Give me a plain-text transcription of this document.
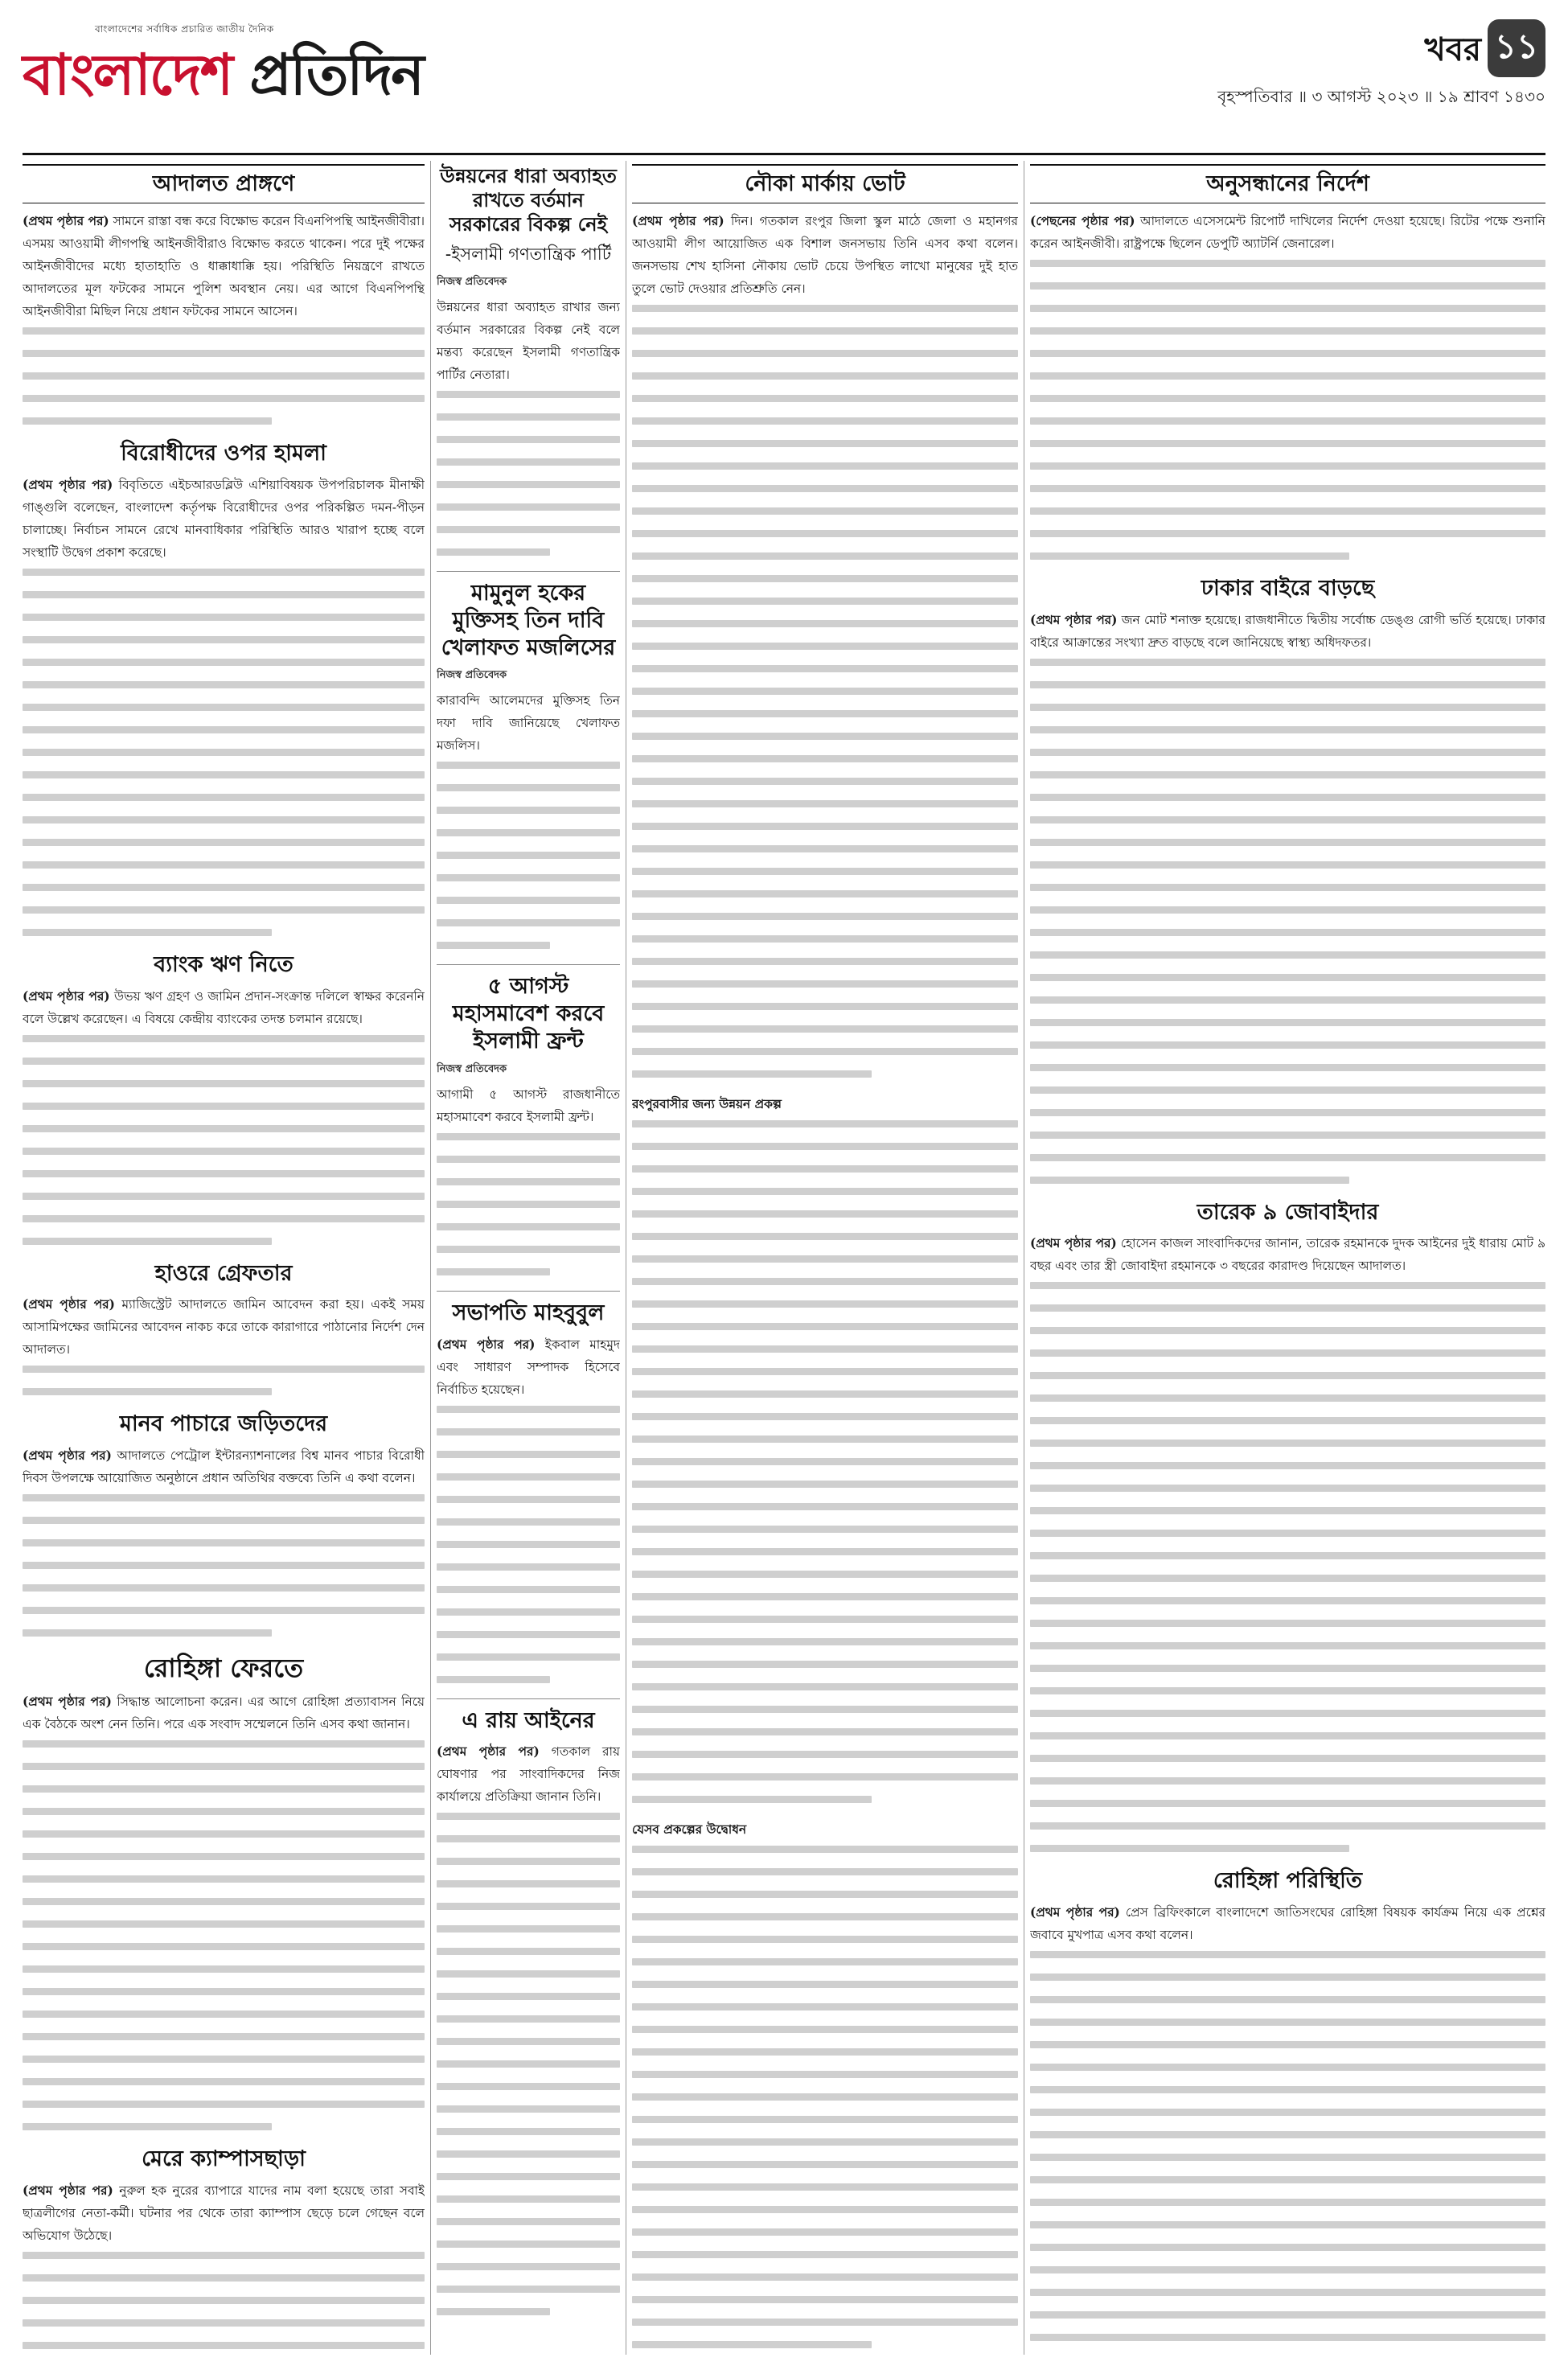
বাংলাদেশের সর্বাধিক প্রচারিত জাতীয় দৈনিক
বাংলাদেশ প্রতিদিন	খবর ১১
বৃহস্পতিবার ॥ ৩ আগস্ট ২০২৩ ॥ ১৯ শ্রাবণ ১৪৩০
আদালত প্রাঙ্গণে

(প্রথম পৃষ্ঠার পর) সামনে রাস্তা বন্ধ করে বিক্ষোভ করেন বিএনপিপন্থি আইনজীবীরা। এসময় আওয়ামী লীগপন্থি আইনজীবীরাও বিক্ষোভ করতে থাকেন। পরে দুই পক্ষের আইনজীবীদের মধ্যে হাতাহাতি ও ধাক্কাধাক্কি হয়। পরিস্থিতি নিয়ন্ত্রণে রাখতে আদালতের মূল ফটকের সামনে পুলিশ অবস্থান নেয়। এর আগে বিএনপিপন্থি আইনজীবীরা মিছিল নিয়ে প্রধান ফটকের সামনে আসেন।

বিরোধীদের ওপর হামলা

(প্রথম পৃষ্ঠার পর) বিবৃতিতে এইচআরডব্লিউ এশিয়াবিষয়ক উপপরিচালক মীনাক্ষী গাঙ্গুলি বলেছেন, বাংলাদেশ কর্তৃপক্ষ বিরোধীদের ওপর পরিকল্পিত দমন-পীড়ন চালাচ্ছে। নির্বাচন সামনে রেখে মানবাধিকার পরিস্থিতি আরও খারাপ হচ্ছে বলে সংস্থাটি উদ্বেগ প্রকাশ করেছে।

ব্যাংক ঋণ নিতে

(প্রথম পৃষ্ঠার পর) উভয় ঋণ গ্রহণ ও জামিন প্রদান-সংক্রান্ত দলিলে স্বাক্ষর করেননি বলে উল্লেখ করেছেন। এ বিষয়ে কেন্দ্রীয় ব্যাংকের তদন্ত চলমান রয়েছে।

হাওরে গ্রেফতার

(প্রথম পৃষ্ঠার পর) ম্যাজিস্ট্রেট আদালতে জামিন আবেদন করা হয়। একই সময় আসামিপক্ষের জামিনের আবেদন নাকচ করে তাকে কারাগারে পাঠানোর নির্দেশ দেন আদালত।

মানব পাচারে জড়িতদের

(প্রথম পৃষ্ঠার পর) আদালতে পেট্রোল ইন্টারন্যাশনালের বিশ্ব মানব পাচার বিরোধী দিবস উপলক্ষে আয়োজিত অনুষ্ঠানে প্রধান অতিথির বক্তব্যে তিনি এ কথা বলেন।

রোহিঙ্গা ফেরতে

(প্রথম পৃষ্ঠার পর) সিদ্ধান্ত আলোচনা করেন। এর আগে রোহিঙ্গা প্রত্যাবাসন নিয়ে এক বৈঠকে অংশ নেন তিনি। পরে এক সংবাদ সম্মেলনে তিনি এসব কথা জানান।

মেরে ক্যাম্পাসছাড়া

(প্রথম পৃষ্ঠার পর) নুরুল হক নুরের ব্যাপারে যাদের নাম বলা হয়েছে তারা সবাই ছাত্রলীগের নেতা-কর্মী। ঘটনার পর থেকে তারা ক্যাম্পাস ছেড়ে চলে গেছেন বলে অভিযোগ উঠেছে।

উন্নয়নের ধারা অব্যাহত রাখতে বর্তমান সরকারের বিকল্প নেই
-ইসলামী গণতান্ত্রিক পার্টি
নিজস্ব প্রতিবেদক

উন্নয়নের ধারা অব্যাহত রাখার জন্য বর্তমান সরকারের বিকল্প নেই বলে মন্তব্য করেছেন ইসলামী গণতান্ত্রিক পার্টির নেতারা।

মামুনুল হকের মুক্তিসহ তিন দাবি খেলাফত মজলিসের
নিজস্ব প্রতিবেদক

কারাবন্দি আলেমদের মুক্তিসহ তিন দফা দাবি জানিয়েছে খেলাফত মজলিস।

৫ আগস্ট মহাসমাবেশ করবে ইসলামী ফ্রন্ট
নিজস্ব প্রতিবেদক

আগামী ৫ আগস্ট রাজধানীতে মহাসমাবেশ করবে ইসলামী ফ্রন্ট।

সভাপতি মাহবুবুল

(প্রথম পৃষ্ঠার পর) ইকবাল মাহমুদ এবং সাধারণ সম্পাদক হিসেবে নির্বাচিত হয়েছেন।

এ রায় আইনের

(প্রথম পৃষ্ঠার পর) গতকাল রায় ঘোষণার পর সাংবাদিকদের নিজ কার্যালয়ে প্রতিক্রিয়া জানান তিনি।

নৌকা মার্কায় ভোট

(প্রথম পৃষ্ঠার পর) দিন। গতকাল রংপুর জিলা স্কুল মাঠে জেলা ও মহানগর আওয়ামী লীগ আয়োজিত এক বিশাল জনসভায় তিনি এসব কথা বলেন। জনসভায় শেখ হাসিনা নৌকায় ভোট চেয়ে উপস্থিত লাখো মানুষের দুই হাত তুলে ভোট দেওয়ার প্রতিশ্রুতি নেন।

রংপুরবাসীর জন্য উন্নয়ন প্রকল্প

যেসব প্রকল্পের উদ্বোধন

অনুসন্ধানের নির্দেশ

(পেছনের পৃষ্ঠার পর) আদালতে এসেসমেন্ট রিপোর্ট দাখিলের নির্দেশ দেওয়া হয়েছে। রিটের পক্ষে শুনানি করেন আইনজীবী। রাষ্ট্রপক্ষে ছিলেন ডেপুটি অ্যাটর্নি জেনারেল।

ঢাকার বাইরে বাড়ছে

(প্রথম পৃষ্ঠার পর) জন মোট শনাক্ত হয়েছে। রাজধানীতে দ্বিতীয় সর্বোচ্চ ডেঙ্গু রোগী ভর্তি হয়েছে। ঢাকার বাইরে আক্রান্তের সংখ্যা দ্রুত বাড়ছে বলে জানিয়েছে স্বাস্থ্য অধিদফতর।

তারেক ৯ জোবাইদার

(প্রথম পৃষ্ঠার পর) হোসেন কাজল সাংবাদিকদের জানান, তারেক রহমানকে দুদক আইনের দুই ধারায় মোট ৯ বছর এবং তার স্ত্রী জোবাইদা রহমানকে ৩ বছরের কারাদণ্ড দিয়েছেন আদালত।

রোহিঙ্গা পরিস্থিতি

(প্রথম পৃষ্ঠার পর) প্রেস ব্রিফিংকালে বাংলাদেশে জাতিসংঘের রোহিঙ্গা বিষয়ক কার্যক্রম নিয়ে এক প্রশ্নের জবাবে মুখপাত্র এসব কথা বলেন।
